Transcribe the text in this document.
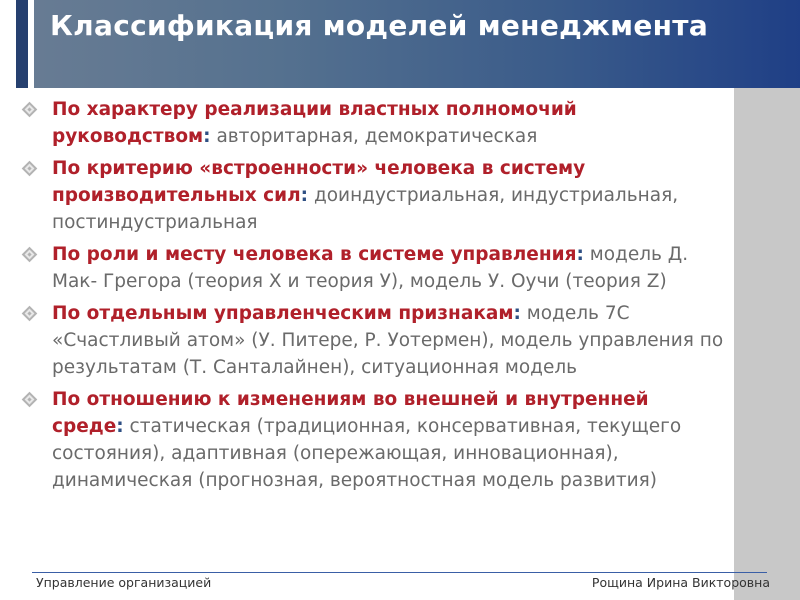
Классификация моделей менеджмента
По характеру реализации властных полномочий руководством: авторитарная, демократическая
По критерию «встроенности» человека в систему производительных сил: доиндустриальная, индустриальная, постиндустриальная
По роли и месту человека в системе управления: модель Д. Мак- Грегора (теория X и теория У), модель У. Оучи (теория Z)
По отдельным управленческим признакам: модель 7С «Счастливый атом» (У. Питере, Р. Уотермен), модель управления по результатам (Т. Санталайнен), ситуационная модель
По отношению к изменениям во внешней и внутренней среде: статическая (традиционная, консервативная, текущего состояния), адаптивная (опережающая, инновационная), динамическая (прогнозная, вероятностная модель развития)
Управление организацией	Рощина Ирина Викторовна
